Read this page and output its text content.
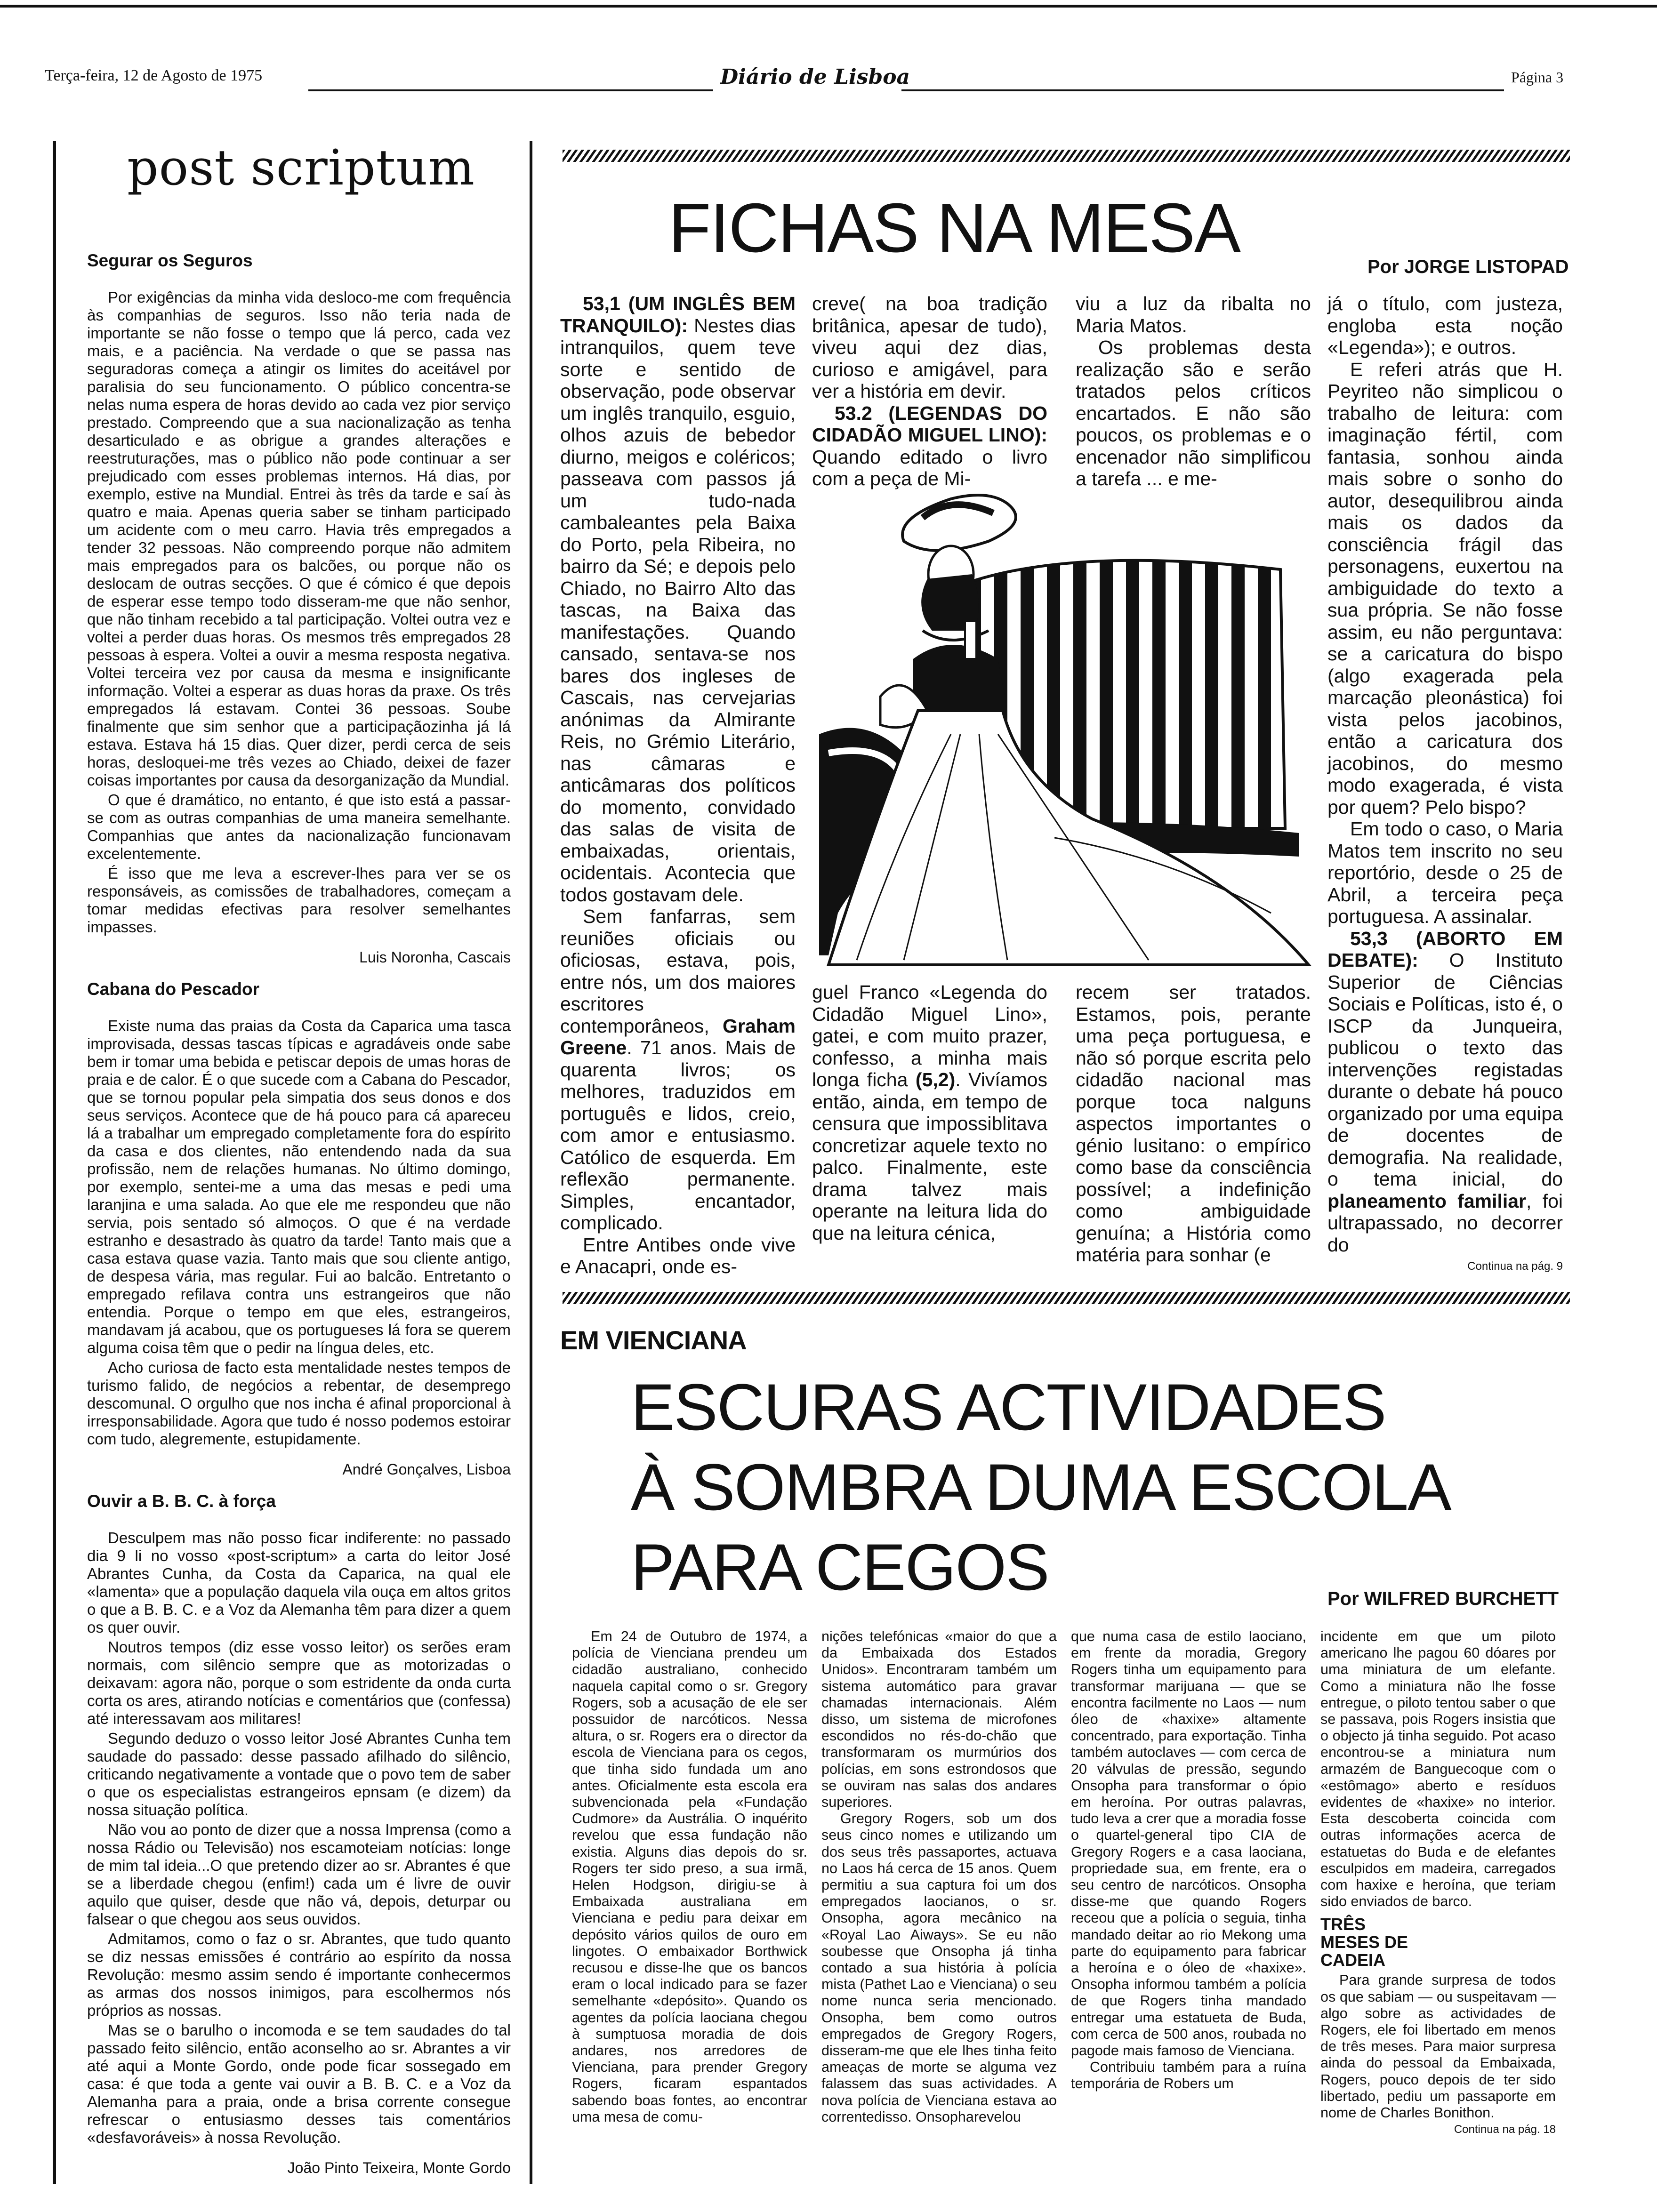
Terça-feira, 12 de Agosto de 1975	Diário de Lisboa	Página 3
post scriptum
Segurar os Seguros

Por exigências da minha vida desloco-me com frequência às companhias de seguros. Isso não teria nada de importante se não fosse o tempo que lá perco, cada vez mais, e a paciência. Na verdade o que se passa nas seguradoras começa a atingir os limites do aceitável por paralisia do seu funcionamento. O público concentra-se nelas numa espera de horas devido ao cada vez pior serviço prestado. Compreendo que a sua nacionalização as tenha desarticulado e as obrigue a grandes alterações e reestruturações, mas o público não pode continuar a ser prejudicado com esses problemas internos. Há dias, por exemplo, estive na Mundial. Entrei às três da tarde e saí às quatro e maia. Apenas queria saber se tinham participado um acidente com o meu carro. Havia três empregados a tender 32 pessoas. Não compreendo porque não admitem mais empregados para os balcões, ou porque não os deslocam de outras secções. O que é cómico é que depois de esperar esse tempo todo disseram-me que não senhor, que não tinham recebido a tal participação. Voltei outra vez e voltei a perder duas horas. Os mesmos três empregados 28 pessoas à espera. Voltei a ouvir a mesma resposta negativa. Voltei terceira vez por causa da mesma e insignificante informação. Voltei a esperar as duas horas da praxe. Os três empregados lá estavam. Contei 36 pessoas. Soube finalmente que sim senhor que a participaçãozinha já lá estava. Estava há 15 dias. Quer dizer, perdi cerca de seis horas, desloquei-me três vezes ao Chiado, deixei de fazer coisas importantes por causa da desorganização da Mundial.

O que é dramático, no entanto, é que isto está a passar-se com as outras companhias de uma maneira semelhante. Companhias que antes da nacionalização funcionavam excelentemente.

É isso que me leva a escrever-lhes para ver se os responsáveis, as comissões de trabalhadores, começam a tomar medidas efectivas para resolver semelhantes impasses.

Luis Noronha, Cascais
Cabana do Pescador

Existe numa das praias da Costa da Caparica uma tasca improvisada, dessas tascas típicas e agradáveis onde sabe bem ir tomar uma bebida e petiscar depois de umas horas de praia e de calor. É o que sucede com a Cabana do Pescador, que se tornou popular pela simpatia dos seus donos e dos seus serviços. Acontece que de há pouco para cá apareceu lá a trabalhar um empregado completamente fora do espírito da casa e dos clientes, não entendendo nada da sua profissão, nem de relações humanas. No último domingo, por exemplo, sentei-me a uma das mesas e pedi uma laranjina e uma salada. Ao que ele me respondeu que não servia, pois sentado só almoços. O que é na verdade estranho e desastrado às quatro da tarde! Tanto mais que a casa estava quase vazia. Tanto mais que sou cliente antigo, de despesa vária, mas regular. Fui ao balcão. Entretanto o empregado refilava contra uns estrangeiros que não entendia. Porque o tempo em que eles, estrangeiros, mandavam já acabou, que os portugueses lá fora se querem alguma coisa têm que o pedir na língua deles, etc.

Acho curiosa de facto esta mentalidade nestes tempos de turismo falido, de negócios a rebentar, de desemprego descomunal. O orgulho que nos incha é afinal proporcional à irresponsabilidade. Agora que tudo é nosso podemos estoirar com tudo, alegremente, estupidamente.

André Gonçalves, Lisboa
Ouvir a B. B. C. à força

Desculpem mas não posso ficar indiferente: no passado dia 9 li no vosso «post-scriptum» a carta do leitor José Abrantes Cunha, da Costa da Caparica, na qual ele «lamenta» que a população daquela vila ouça em altos gritos o que a B. B. C. e a Voz da Alemanha têm para dizer a quem os quer ouvir.

Noutros tempos (diz esse vosso leitor) os serões eram normais, com silêncio sempre que as motorizadas o deixavam: agora não, porque o som estridente da onda curta corta os ares, atirando notícias e comentários que (confessa) até interessavam aos militares!

Segundo deduzo o vosso leitor José Abrantes Cunha tem saudade do passado: desse passado afilhado do silêncio, criticando negativamente a vontade que o povo tem de saber o que os especialistas estrangeiros epnsam (e dizem) da nossa situação política.

Não vou ao ponto de dizer que a nossa Imprensa (como a nossa Rádio ou Televisão) nos escamoteiam notícias: longe de mim tal ideia...O que pretendo dizer ao sr. Abrantes é que se a liberdade chegou (enfim!) cada um é livre de ouvir aquilo que quiser, desde que não vá, depois, deturpar ou falsear o que chegou aos seus ouvidos.

Admitamos, como o faz o sr. Abrantes, que tudo quanto se diz nessas emissões é contrário ao espírito da nossa Revolução: mesmo assim sendo é importante conhecermos as armas dos nossos inimigos, para escolhermos nós próprios as nossas.

Mas se o barulho o incomoda e se tem saudades do tal passado feito silêncio, então aconselho ao sr. Abrantes a vir até aqui a Monte Gordo, onde pode ficar sossegado em casa: é que toda a gente vai ouvir a B. B. C. e a Voz da Alemanha para a praia, onde a brisa corrente consegue refrescar o entusiasmo desses tais comentários «desfavoráveis» à nossa Revolução.

João Pinto Teixeira, Monte Gordo
FICHAS NA MESA	Por JORGE LISTOPAD

53,1 (UM INGLÊS BEM TRANQUILO): Nestes dias intranquilos, quem teve sorte e sentido de observação, pode observar um inglês tranquilo, esguio, olhos azuis de bebedor diurno, meigos e coléricos; passeava com passos já um tudo-nada cambaleantes pela Baixa do Porto, pela Ribeira, no bairro da Sé; e depois pelo Chiado, no Bairro Alto das tascas, na Baixa das manifestações. Quando cansado, sentava-se nos bares dos ingleses de Cascais, nas cervejarias anónimas da Almirante Reis, no Grémio Literário, nas câmaras e anticâmaras dos políticos do momento, convidado das salas de visita de embaixadas, orientais, ocidentais. Acontecia que todos gostavam dele.

Sem fanfarras, sem reuniões oficiais ou oficiosas, estava, pois, entre nós, um dos maiores escritores contemporâneos, Graham Greene. 71 anos. Mais de quarenta livros; os melhores, traduzidos em português e lidos, creio, com amor e entusiasmo. Católico de esquerda. Em reflexão permanente. Simples, encantador, complicado.

Entre Antibes onde vive e Anacapri, onde es-

creve( na boa tradição britânica, apesar de tudo), viveu aqui dez dias, curioso e amigável, para ver a história em devir.

53.2 (LEGENDAS DO CIDADÃO MIGUEL LINO): Quando editado o livro com a peça de Mi-

viu a luz da ribalta no Maria Matos.

Os problemas desta realização são e serão tratados pelos críticos encartados. E não são poucos, os problemas e o encenador não simplificou a tarefa ... e me-

guel Franco «Legenda do Cidadão Miguel Lino», gatei, e com muito prazer, confesso, a minha mais longa ficha (5,2). Vivíamos então, ainda, em tempo de censura que impossiblitava concretizar aquele texto no palco. Finalmente, este drama talvez mais operante na leitura lida do que na leitura cénica,

recem ser tratados. Estamos, pois, perante uma peça portuguesa, e não só porque escrita pelo cidadão nacional mas porque toca nalguns aspectos importantes o génio lusitano: o empírico como base da consciência possível; a indefinição como ambiguidade genuína; a História como matéria para sonhar (e

já o título, com justeza, engloba esta noção «Legenda»); e outros.

E referi atrás que H. Peyriteo não simplicou o trabalho de leitura: com imaginação fértil, com fantasia, sonhou ainda mais sobre o sonho do autor, desequilibrou ainda mais os dados da consciência frágil das personagens, euxertou na ambiguidade do texto a sua própria. Se não fosse assim, eu não perguntava: se a caricatura do bispo (algo exagerada pela marcação pleonástica) foi vista pelos jacobinos, então a caricatura dos jacobinos, do mesmo modo exagerada, é vista por quem? Pelo bispo?

Em todo o caso, o Maria Matos tem inscrito no seu reportório, desde o 25 de Abril, a terceira peça portuguesa. A assinalar.

53,3 (ABORTO EM DEBATE): O Instituto Superior de Ciências Sociais e Políticas, isto é, o ISCP da Junqueira, publicou o texto das intervenções registadas durante o debate há pouco organizado por uma equipa de docentes de demografia. Na realidade, o tema inicial, do planeamento familiar, foi ultrapassado, no decorrer do

Continua na pág. 9
EM VIENCIANA
ESCURAS ACTIVIDADES
À SOMBRA DUMA ESCOLA
PARA CEGOS	Por WILFRED BURCHETT

Em 24 de Outubro de 1974, a polícia de Vienciana prendeu um cidadão australiano, conhecido naquela capital como o sr. Gregory Rogers, sob a acusação de ele ser possuidor de narcóticos. Nessa altura, o sr. Rogers era o director da escola de Vienciana para os cegos, que tinha sido fundada um ano antes. Oficialmente esta escola era subvencionada pela «Fundação Cudmore» da Austrália. O inquérito revelou que essa fundação não existia. Alguns dias depois do sr. Rogers ter sido preso, a sua irmã, Helen Hodgson, dirigiu-se à Embaixada australiana em Vienciana e pediu para deixar em depósito vários quilos de ouro em lingotes. O embaixador Borthwick recusou e disse-lhe que os bancos eram o local indicado para se fazer semelhante «depósito». Quando os agentes da polícia laociana chegou à sumptuosa moradia de dois andares, nos arredores de Vienciana, para prender Gregory Rogers, ficaram espantados sabendo boas fontes, ao encontrar uma mesa de comu-

nições telefónicas «maior do que a da Embaixada dos Estados Unidos». Encontraram também um sistema automático para gravar chamadas internacionais. Além disso, um sistema de microfones escondidos no rés-do-chão que transformaram os murmúrios dos polícias, em sons estrondosos que se ouviram nas salas dos andares superiores.

Gregory Rogers, sob um dos seus cinco nomes e utilizando um dos seus três passaportes, actuava no Laos há cerca de 15 anos. Quem permitiu a sua captura foi um dos empregados laocianos, o sr. Onsopha, agora mecânico na «Royal Lao Aiways». Se eu não soubesse que Onsopha já tinha contado a sua história à polícia mista (Pathet Lao e Vienciana) o seu nome nunca seria mencionado. Onsopha, bem como outros empregados de Gregory Rogers, disseram-me que ele lhes tinha feito ameaças de morte se alguma vez falassem das suas actividades. A nova polícia de Vienciana estava ao correntedisso. Onsopharevelou

que numa casa de estilo laociano, em frente da moradia, Gregory Rogers tinha um equipamento para transformar marijuana — que se encontra facilmente no Laos — num óleo de «haxixe» altamente concentrado, para exportação. Tinha também autoclaves — com cerca de 20 válvulas de pressão, segundo Onsopha para transformar o ópio em heroína. Por outras palavras, tudo leva a crer que a moradia fosse o quartel-general tipo CIA de Gregory Rogers e a casa laociana, propriedade sua, em frente, era o seu centro de narcóticos. Onsopha disse-me que quando Rogers receou que a polícia o seguia, tinha mandado deitar ao rio Mekong uma parte do equipamento para fabricar a heroína e o óleo de «haxixe». Onsopha informou também a polícia de que Rogers tinha mandado entregar uma estatueta de Buda, com cerca de 500 anos, roubada no pagode mais famoso de Vienciana.

Contribuiu também para a ruína temporária de Robers um

incidente em que um piloto americano lhe pagou 60 dóares por uma miniatura de um elefante. Como a miniatura não lhe fosse entregue, o piloto tentou saber o que se passava, pois Rogers insistia que o objecto já tinha seguido. Pot acaso encontrou-se a miniatura num armazém de Banguecoque com o «estômago» aberto e resíduos evidentes de «haxixe» no interior. Esta descoberta coincida com outras informações acerca de estatuetas do Buda e de elefantes esculpidos em madeira, carregados com haxixe e heroína, que teriam sido enviados de barco.

TRÊS MESES DE CADEIA

Para grande surpresa de todos os que sabiam — ou suspeitavam — algo sobre as actividades de Rogers, ele foi libertado em menos de três meses. Para maior surpresa ainda do pessoal da Embaixada, Rogers, pouco depois de ter sido libertado, pediu um passaporte em nome de Charles Bonithon.

Continua na pág. 18
